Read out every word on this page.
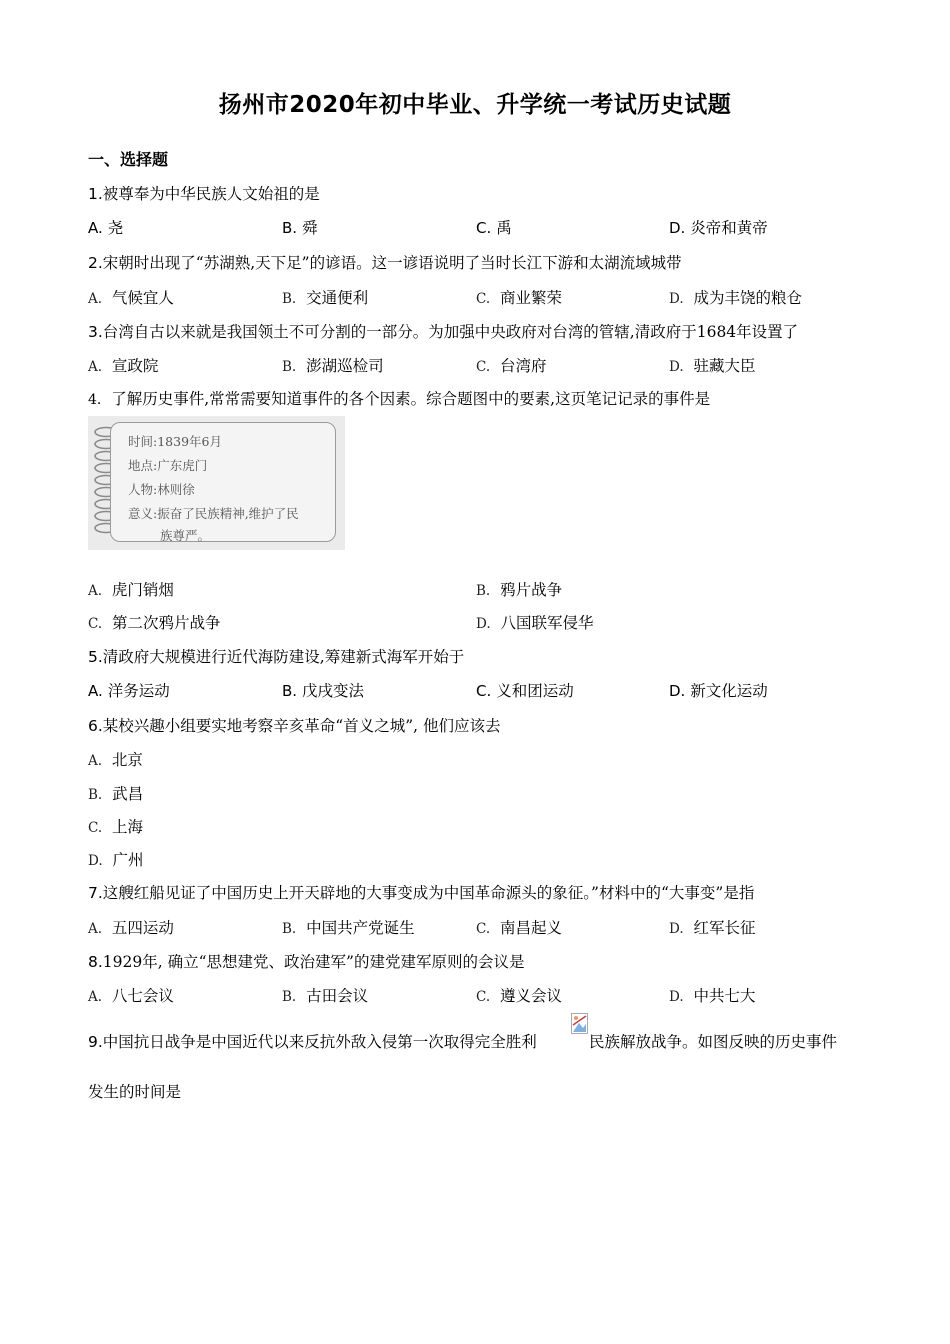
扬州市2020年初中毕业、升学统一考试历史试题
一、选择题
1.被尊奉为中华民族人文始祖的是
A. 尧	B. 舜	C. 禹	D. 炎帝和黄帝
2.宋朝时出现了“苏湖熟,天下足”的谚语。这一谚语说明了当时长江下游和太湖流域城带
A. 气候宜人	B. 交通便利	C. 商业繁荣	D. 成为丰饶的粮仓
3.台湾自古以来就是我国领土不可分割的一部分。为加强中央政府对台湾的管辖,清政府于1684年设置了
A. 宣政院	B. 澎湖巡检司	C. 台湾府	D. 驻藏大臣
4. 了解历史事件,常常需要知道事件的各个因素。综合题图中的要素,这页笔记记录的事件是
时间:1839年6月
地点:广东虎门
人物:林则徐
意义:振奋了民族精神,维护了民
族尊严。
A. 虎门销烟	B. 鸦片战争
C. 第二次鸦片战争	D. 八国联军侵华
5.清政府大规模进行近代海防建设,筹建新式海军开始于
A. 洋务运动	B. 戊戌变法	C. 义和团运动	D. 新文化运动
6.某校兴趣小组要实地考察辛亥革命“首义之城”, 他们应该去
A. 北京
B. 武昌
C. 上海
D. 广州
7.这艘红船见证了中国历史上开天辟地的大事变成为中国革命源头的象征。”材料中的“大事变”是指
A. 五四运动	B. 中国共产党诞生	C. 南昌起义	D. 红军长征
8.1929年, 确立“思想建党、政治建军”的建党建军原则的会议是
A. 八七会议	B. 古田会议	C. 遵义会议	D. 中共七大
9.中国抗日战争是中国近代以来反抗外敌入侵第一次取得完全胜利	民族解放战争。如图反映的历史事件
发生的时间是
